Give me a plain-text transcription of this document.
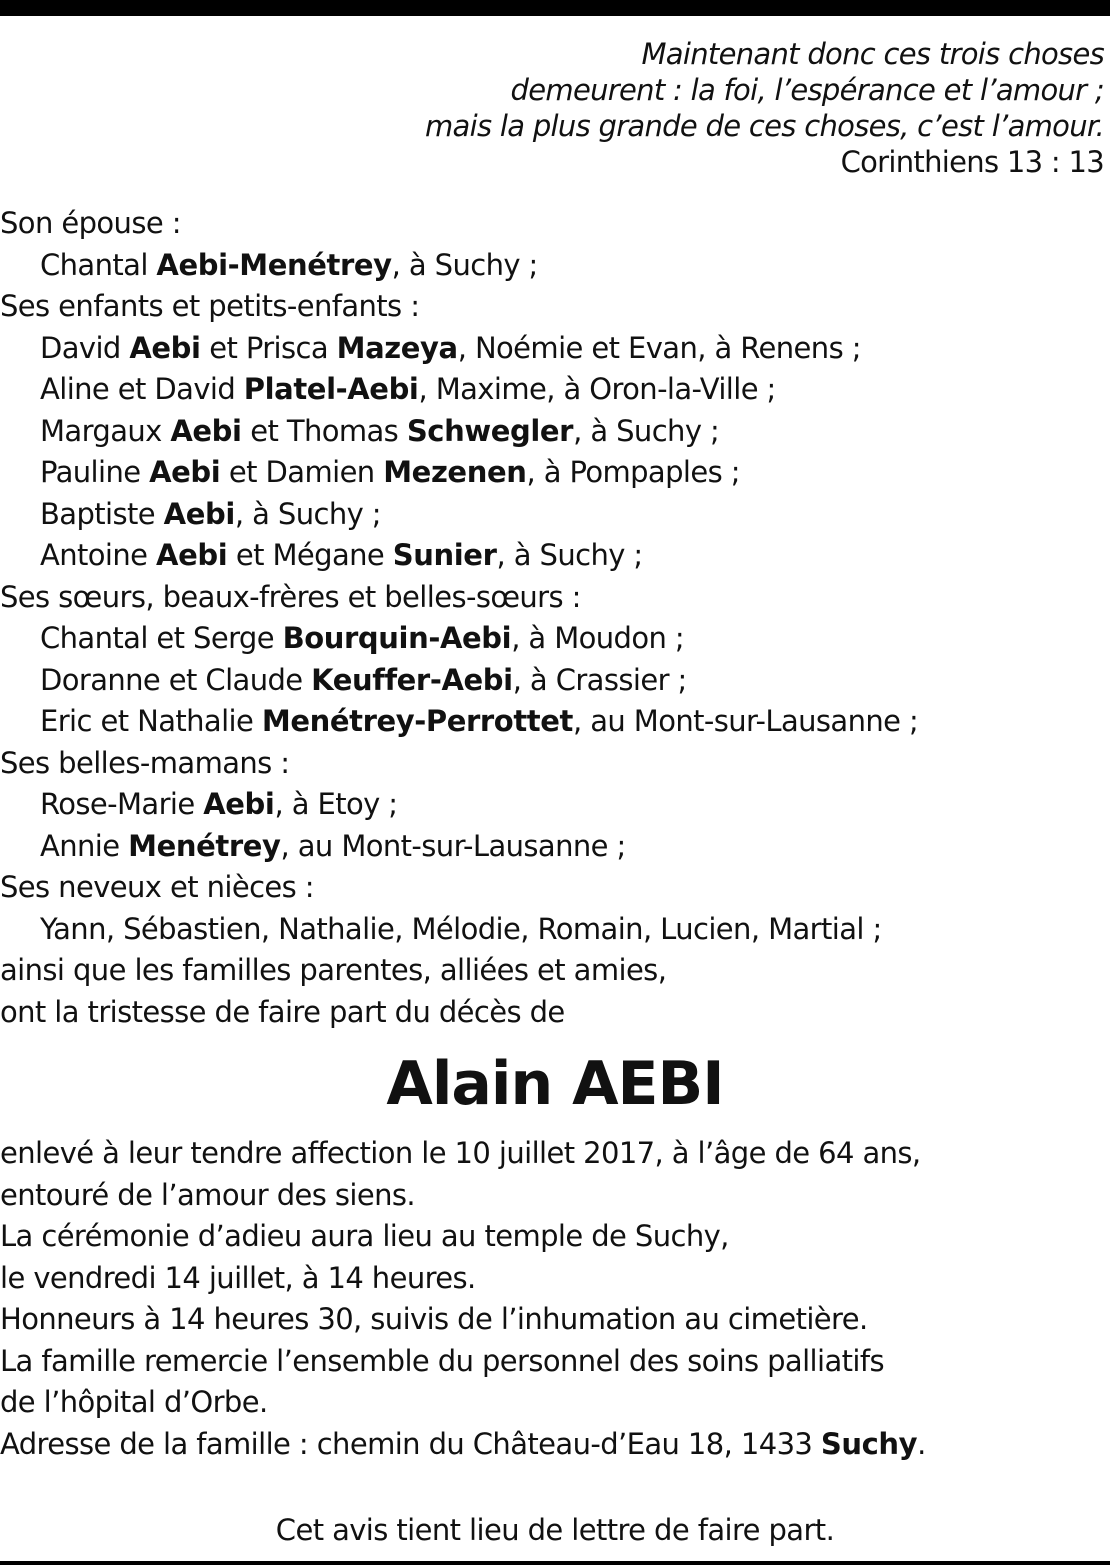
Maintenant donc ces trois choses
demeurent : la foi, l’espérance et l’amour ;
mais la plus grande de ces choses, c’est l’amour.
Corinthiens 13 : 13
Son épouse :
Chantal Aebi-Menétrey, à Suchy ;
Ses enfants et petits-enfants :
David Aebi et Prisca Mazeya, Noémie et Evan, à Renens ;
Aline et David Platel-Aebi, Maxime, à Oron-la-Ville ;
Margaux Aebi et Thomas Schwegler, à Suchy ;
Pauline Aebi et Damien Mezenen, à Pompaples ;
Baptiste Aebi, à Suchy ;
Antoine Aebi et Mégane Sunier, à Suchy ;
Ses sœurs, beaux-frères et belles-sœurs :
Chantal et Serge Bourquin-Aebi, à Moudon ;
Doranne et Claude Keuffer-Aebi, à Crassier ;
Eric et Nathalie Menétrey-Perrottet, au Mont-sur-Lausanne ;
Ses belles-mamans :
Rose-Marie Aebi, à Etoy ;
Annie Menétrey, au Mont-sur-Lausanne ;
Ses neveux et nièces :
Yann, Sébastien, Nathalie, Mélodie, Romain, Lucien, Martial ;
ainsi que les familles parentes, alliées et amies,
ont la tristesse de faire part du décès de
Alain AEBI
enlevé à leur tendre affection le 10 juillet 2017, à l’âge de 64 ans,
entouré de l’amour des siens.
La cérémonie d’adieu aura lieu au temple de Suchy,
le vendredi 14 juillet, à 14 heures.
Honneurs à 14 heures 30, suivis de l’inhumation au cimetière.
La famille remercie l’ensemble du personnel des soins palliatifs
de l’hôpital d’Orbe.
Adresse de la famille : chemin du Château-d’Eau 18, 1433 Suchy.
Cet avis tient lieu de lettre de faire part.
